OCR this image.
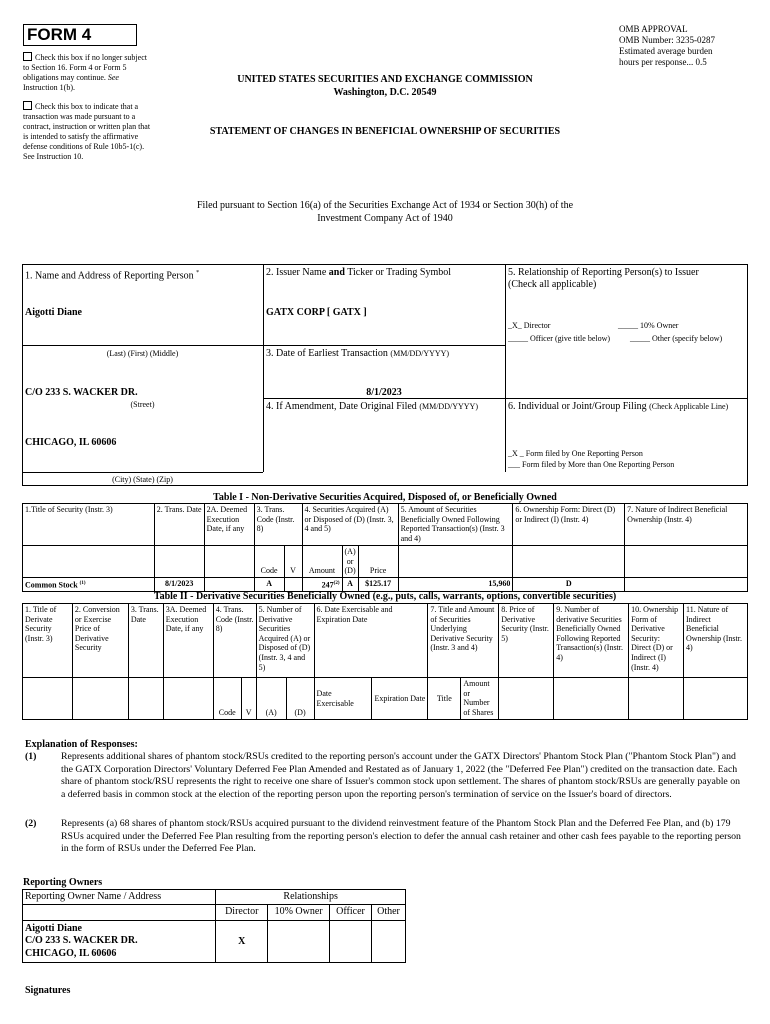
FORM 4
Check this box if no longer subject to Section 16. Form 4 or Form 5 obligations may continue. See Instruction 1(b).
Check this box to indicate that a transaction was made pursuant to a contract, instruction or written plan that is intended to satisfy the affirmative defense conditions of Rule 10b5-1(c). See Instruction 10.
OMB APPROVAL
OMB Number: 3235-0287
Estimated average burden
hours per response... 0.5
UNITED STATES SECURITIES AND EXCHANGE COMMISSION
Washington, D.C. 20549
STATEMENT OF CHANGES IN BENEFICIAL OWNERSHIP OF SECURITIES
Filed pursuant to Section 16(a) of the Securities Exchange Act of 1934 or Section 30(h) of the
Investment Company Act of 1940
1. Name and Address of Reporting Person *
Aigotti Diane
(Last) (First) (Middle)
C/O 233 S. WACKER DR.
(Street)
CHICAGO, IL 60606
(City) (State) (Zip)
2. Issuer Name and Ticker or Trading Symbol
GATX CORP [ GATX ]
3. Date of Earliest Transaction (MM/DD/YYYY)
8/1/2023
4. If Amendment, Date Original Filed (MM/DD/YYYY)
5. Relationship of Reporting Person(s) to Issuer
(Check all applicable)
_X_ Director	_____ 10% Owner
_____ Officer (give title below) _____ Other (specify below)
6. Individual or Joint/Group Filing (Check Applicable Line)
_X _ Form filed by One Reporting Person
___ Form filed by More than One Reporting Person
Table I - Non-Derivative Securities Acquired, Disposed of, or Beneficially Owned
1.Title of Security (Instr. 3)	2. Trans. Date	2A. Deemed Execution Date, if any	3. Trans. Code (Instr. 8)		4. Securities Acquired (A) or Disposed of (D) (Instr. 3, 4 and 5)			5. Amount of Securities Beneficially Owned Following Reported Transaction(s) (Instr. 3 and 4)	6. Ownership Form: Direct (D) or Indirect (I) (Instr. 4)	7. Nature of Indirect Beneficial Ownership (Instr. 4)
			Code	V	Amount	(A) or (D)	Price			
Common Stock $^{(1)}$	8/1/2023		A		247$^{(2)}$	A	$125.17	15,960	D	
Table II - Derivative Securities Beneficially Owned (e.g., puts, calls, warrants, options, convertible securities)
1. Title of Derivate Security (Instr. 3)	2. Conversion or Exercise Price of Derivative Security	3. Trans. Date	3A. Deemed Execution Date, if any	4. Trans. Code (Instr. 8)		5. Number of Derivative Securities Acquired (A) or Disposed of (D) (Instr. 3, 4 and 5)		6. Date Exercisable and Expiration Date		7. Title and Amount of Securities Underlying Derivative Security (Instr. 3 and 4)		8. Price of Derivative Security (Instr. 5)	9. Number of derivative Securities Beneficially Owned Following Reported Transaction(s) (Instr. 4)	10. Ownership Form of Derivative Security: Direct (D) or Indirect (I) (Instr. 4)	11. Nature of Indirect Beneficial Ownership (Instr. 4)
				Code	V	(A)	(D)	Date Exercisable	Expiration Date	Title	Amount or Number of Shares				
Explanation of Responses:
(1)	Represents additional shares of phantom stock/RSUs credited to the reporting person's account under the GATX Directors' Phantom Stock Plan ("Phantom Stock Plan") and the GATX Corporation Directors' Voluntary Deferred Fee Plan Amended and Restated as of January 1, 2022 (the "Deferred Fee Plan") credited on the transaction date. Each share of phantom stock/RSU represents the right to receive one share of Issuer's common stock upon settlement. The shares of phantom stock/RSUs are generally payable on a deferred basis in common stock at the election of the reporting person upon the reporting person's termination of service on the Issuer's board of directors.
(2)	Represents (a) 68 shares of phantom stock/RSUs acquired pursuant to the dividend reinvestment feature of the Phantom Stock Plan and the Deferred Fee Plan, and (b) 179 RSUs acquired under the Deferred Fee Plan resulting from the reporting person's election to defer the annual cash retainer and other cash fees payable to the reporting person in the form of RSUs under the Deferred Fee Plan.
Reporting Owners
Reporting Owner Name / Address	Relationships			
	Director	10% Owner	Officer	Other

Aigotti Diane
C/O 233 S. WACKER DR.
CHICAGO, IL 60606	X			
Signatures
